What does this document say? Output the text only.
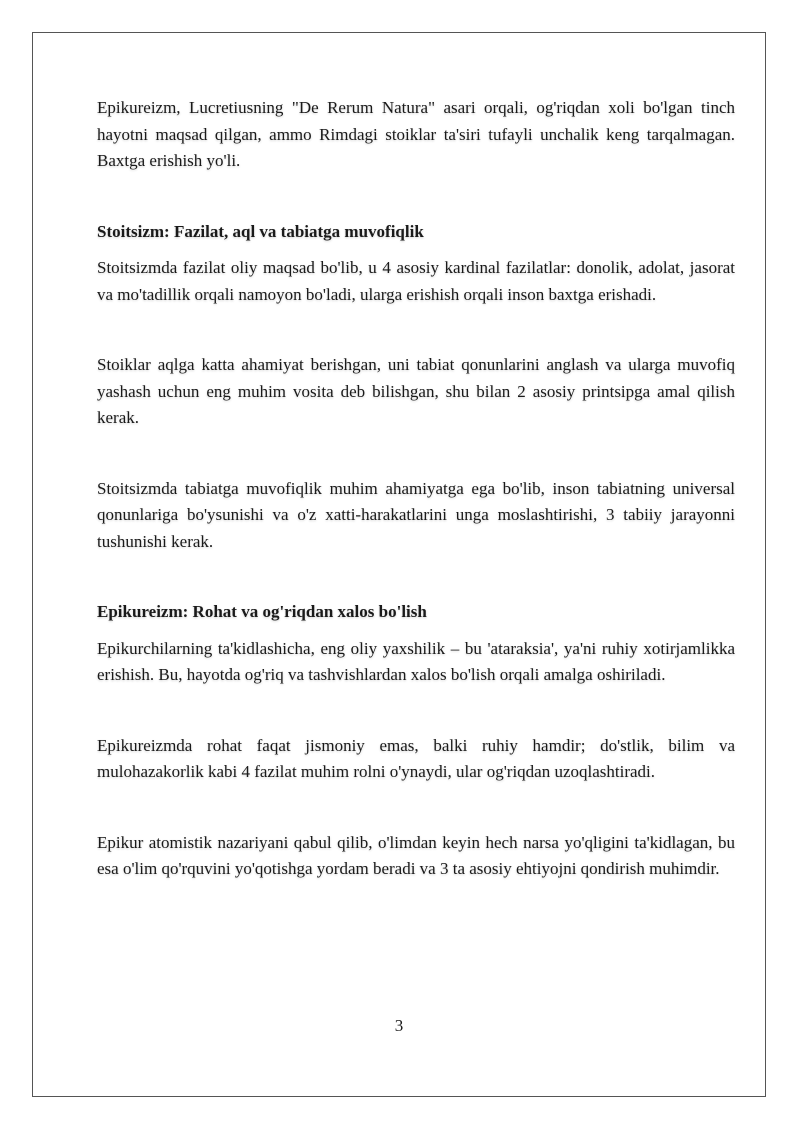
Epikureizm, Lucretiusning "De Rerum Natura" asari orqali, og'riqdan xoli bo'lgan tinch hayotni maqsad qilgan, ammo Rimdagi stoiklar ta'siri tufayli unchalik keng tarqalmagan. Baxtga erishish yo'li.

Stoitsizm: Fazilat, aql va tabiatga muvofiqlik

Stoitsizmda fazilat oliy maqsad bo'lib, u 4 asosiy kardinal fazilatlar: donolik, adolat, jasorat va mo'tadillik orqali namoyon bo'ladi, ularga erishish orqali inson baxtga erishadi.

Stoiklar aqlga katta ahamiyat berishgan, uni tabiat qonunlarini anglash va ularga muvofiq yashash uchun eng muhim vosita deb bilishgan, shu bilan 2 asosiy printsipga amal qilish kerak.

Stoitsizmda tabiatga muvofiqlik muhim ahamiyatga ega bo'lib, inson tabiatning universal qonunlariga bo'ysunishi va o'z xatti-harakatlarini unga moslashtirishi, 3 tabiiy jarayonni tushunishi kerak.

Epikureizm: Rohat va og'riqdan xalos bo'lish

Epikurchilarning ta'kidlashicha, eng oliy yaxshilik – bu 'ataraksia', ya'ni ruhiy xotirjamlikka erishish. Bu, hayotda og'riq va tashvishlardan xalos bo'lish orqali amalga oshiriladi.

Epikureizmda rohat faqat jismoniy emas, balki ruhiy hamdir; do'stlik, bilim va mulohazakorlik kabi 4 fazilat muhim rolni o'ynaydi, ular og'riqdan uzoqlashtiradi.

Epikur atomistik nazariyani qabul qilib, o'limdan keyin hech narsa yo'qligini ta'kidlagan, bu esa o'lim qo'rquvini yo'qotishga yordam beradi va 3 ta asosiy ehtiyojni qondirish muhimdir.

3
